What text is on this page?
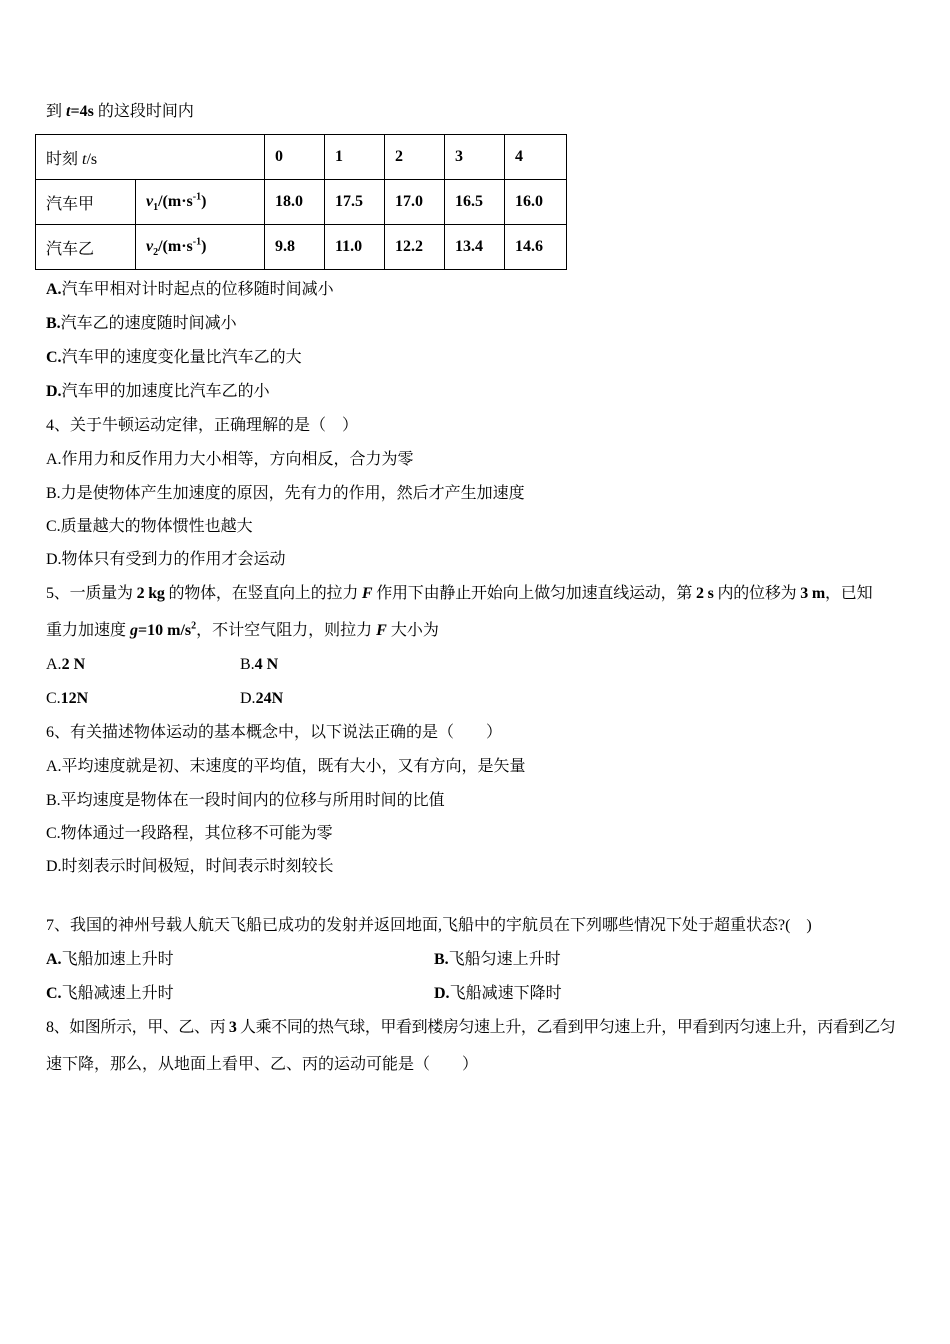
到 t=4s 的这段时间内
时刻 t/s		0	1	2	3	4
汽车甲	$v_1/(m\cdot s^{-1})$	18.0	17.5	17.0	16.5	16.0
汽车乙	$v_2/(m\cdot s^{-1})$	9.8	11.0	12.2	13.4	14.6
A.汽车甲相对计时起点的位移随时间减小
B.汽车乙的速度随时间减小
C.汽车甲的速度变化量比汽车乙的大
D.汽车甲的加速度比汽车乙的小
4、关于牛顿运动定律，正确理解的是（　）
A.作用力和反作用力大小相等，方向相反，合力为零
B.力是使物体产生加速度的原因，先有力的作用，然后才产生加速度
C.质量越大的物体惯性也越大
D.物体只有受到力的作用才会运动
5、一质量为 2 kg 的物体，在竖直向上的拉力 F 作用下由静止开始向上做匀加速直线运动，第 2 s 内的位移为 3 m，已知
重力加速度 g=10 $m/s^2$，不计空气阻力，则拉力 F 大小为
A.2 N	B.4 N
C.12N	D.24N
6、有关描述物体运动的基本概念中，以下说法正确的是（　　）
A.平均速度就是初、末速度的平均值，既有大小，又有方向，是矢量
B.平均速度是物体在一段时间内的位移与所用时间的比值
C.物体通过一段路程，其位移不可能为零
D.时刻表示时间极短，时间表示时刻较长
7、我国的神州号载人航天飞船已成功的发射并返回地面,飞船中的宇航员在下列哪些情况下处于超重状态?(　)
A.飞船加速上升时	B.飞船匀速上升时
C.飞船减速上升时	D.飞船减速下降时
8、如图所示，甲、乙、丙 3 人乘不同的热气球，甲看到楼房匀速上升，乙看到甲匀速上升，甲看到丙匀速上升，丙看到乙匀
速下降，那么，从地面上看甲、乙、丙的运动可能是（　　）
